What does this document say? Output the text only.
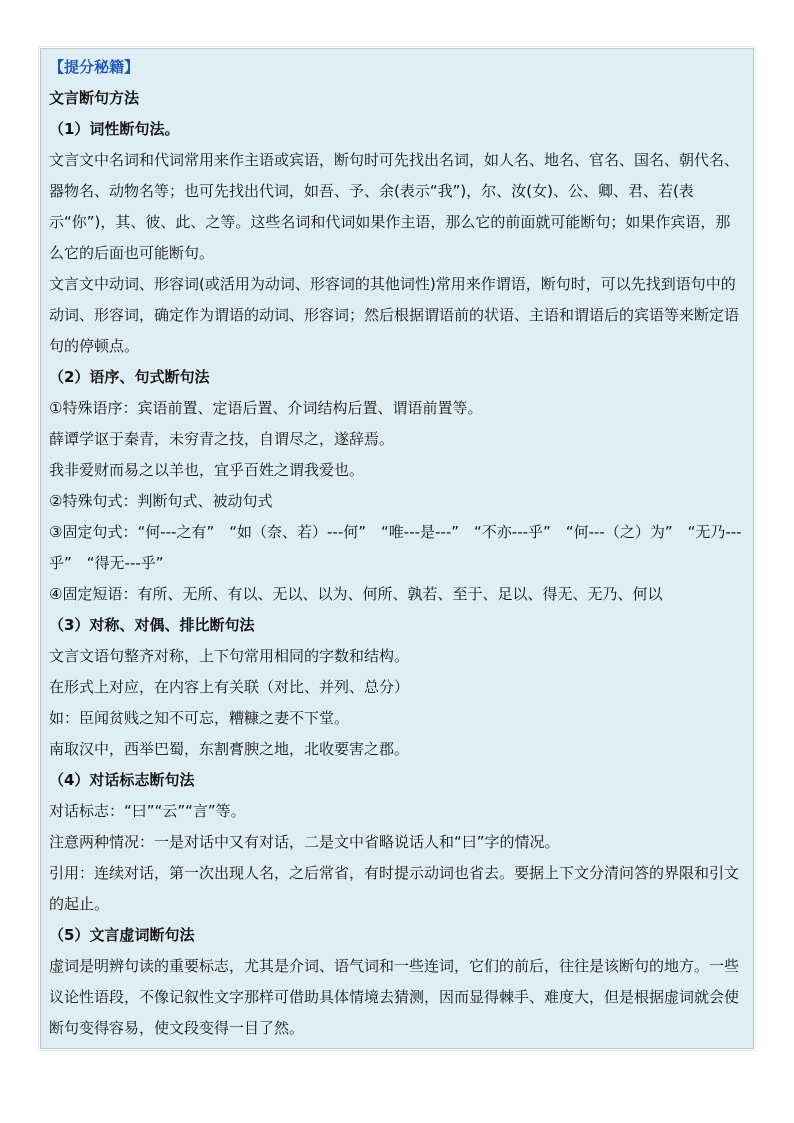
【提分秘籍】
文言断句方法
（1）词性断句法。
文言文中名词和代词常用来作主语或宾语，断句时可先找出名词，如人名、地名、官名、国名、朝代名、器物名、动物名等；也可先找出代词，如吾、予、余(表示“我”)，尔、汝(女)、公、卿、君、若(表示“你”)，其、彼、此、之等。这些名词和代词如果作主语，那么它的前面就可能断句；如果作宾语，那么它的后面也可能断句。
文言文中动词、形容词(或活用为动词、形容词的其他词性)常用来作谓语，断句时，可以先找到语句中的动词、形容词，确定作为谓语的动词、形容词；然后根据谓语前的状语、主语和谓语后的宾语等来断定语句的停顿点。
（2）语序、句式断句法
①特殊语序：宾语前置、定语后置、介词结构后置、谓语前置等。
薛谭学讴于秦青，未穷青之技，自谓尽之，遂辞焉。
我非爱财而易之以羊也，宜乎百姓之谓我爱也。
②特殊句式：判断句式、被动句式
③固定句式：“何---之有”　“如（奈、若）---何”　“唯---是---”　“不亦---乎”　“何---（之）为”　“无乃---乎”　“得无---乎”
④固定短语：有所、无所、有以、无以、以为、何所、孰若、至于、足以、得无、无乃、何以
（3）对称、对偶、排比断句法
文言文语句整齐对称，上下句常用相同的字数和结构。
在形式上对应，在内容上有关联（对比、并列、总分）
如：臣闻贫贱之知不可忘，糟糠之妻不下堂。
南取汉中，西举巴蜀，东割膏腴之地，北收要害之郡。
（4）对话标志断句法
对话标志：“曰”“云”“言”等。
注意两种情况：一是对话中又有对话，二是文中省略说话人和“曰”字的情况。
引用：连续对话，第一次出现人名，之后常省，有时提示动词也省去。要据上下文分清问答的界限和引文的起止。
（5）文言虚词断句法
虚词是明辨句读的重要标志，尤其是介词、语气词和一些连词，它们的前后，往往是该断句的地方。一些议论性语段，不像记叙性文字那样可借助具体情境去猜测，因而显得棘手、难度大，但是根据虚词就会使断句变得容易，使文段变得一目了然。
